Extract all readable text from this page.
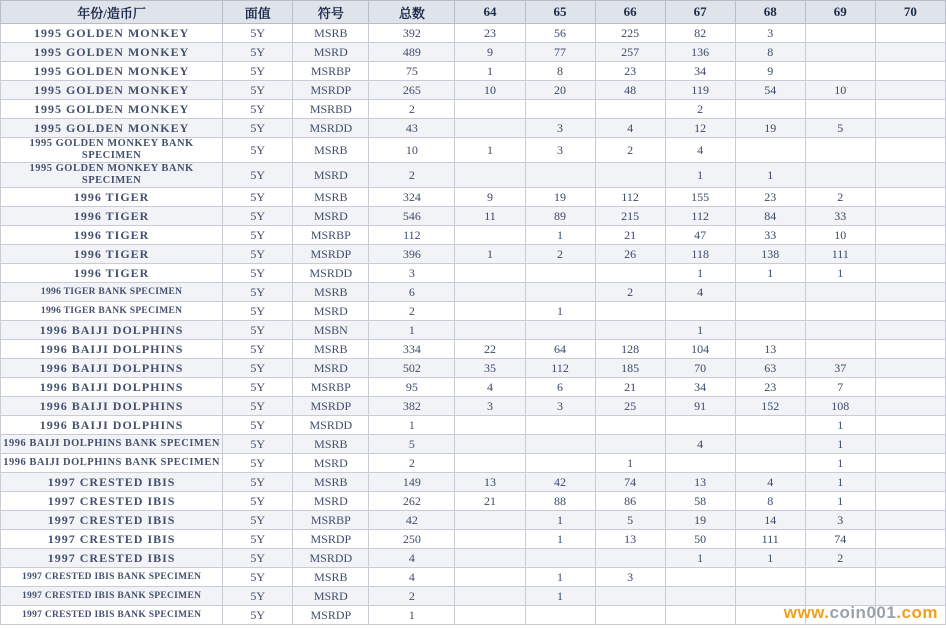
年份/造币厂	面值	符号	总数	64	65	66	67	68	69	70
1995 GOLDEN MONKEY	5Y	MSRB	392	23	56	225	82	3		
1995 GOLDEN MONKEY	5Y	MSRD	489	9	77	257	136	8		
1995 GOLDEN MONKEY	5Y	MSRBP	75	1	8	23	34	9		
1995 GOLDEN MONKEY	5Y	MSRDP	265	10	20	48	119	54	10	
1995 GOLDEN MONKEY	5Y	MSRBD	2				2			
1995 GOLDEN MONKEY	5Y	MSRDD	43		3	4	12	19	5	
1995 GOLDEN MONKEY BANK SPECIMEN	5Y	MSRB	10	1	3	2	4			
1995 GOLDEN MONKEY BANK SPECIMEN	5Y	MSRD	2				1	1		
1996 TIGER	5Y	MSRB	324	9	19	112	155	23	2	
1996 TIGER	5Y	MSRD	546	11	89	215	112	84	33	
1996 TIGER	5Y	MSRBP	112		1	21	47	33	10	
1996 TIGER	5Y	MSRDP	396	1	2	26	118	138	111	
1996 TIGER	5Y	MSRDD	3				1	1	1	
1996 TIGER BANK SPECIMEN	5Y	MSRB	6			2	4			
1996 TIGER BANK SPECIMEN	5Y	MSRD	2		1					
1996 BAIJI DOLPHINS	5Y	MSBN	1				1			
1996 BAIJI DOLPHINS	5Y	MSRB	334	22	64	128	104	13		
1996 BAIJI DOLPHINS	5Y	MSRD	502	35	112	185	70	63	37	
1996 BAIJI DOLPHINS	5Y	MSRBP	95	4	6	21	34	23	7	
1996 BAIJI DOLPHINS	5Y	MSRDP	382	3	3	25	91	152	108	
1996 BAIJI DOLPHINS	5Y	MSRDD	1						1	
1996 BAIJI DOLPHINS BANK SPECIMEN	5Y	MSRB	5				4		1	
1996 BAIJI DOLPHINS BANK SPECIMEN	5Y	MSRD	2			1			1	
1997 CRESTED IBIS	5Y	MSRB	149	13	42	74	13	4	1	
1997 CRESTED IBIS	5Y	MSRD	262	21	88	86	58	8	1	
1997 CRESTED IBIS	5Y	MSRBP	42		1	5	19	14	3	
1997 CRESTED IBIS	5Y	MSRDP	250		1	13	50	111	74	
1997 CRESTED IBIS	5Y	MSRDD	4				1	1	2	
1997 CRESTED IBIS BANK SPECIMEN	5Y	MSRB	4		1	3				
1997 CRESTED IBIS BANK SPECIMEN	5Y	MSRD	2		1					
1997 CRESTED IBIS BANK SPECIMEN	5Y	MSRDP	1								www.coin001.com
